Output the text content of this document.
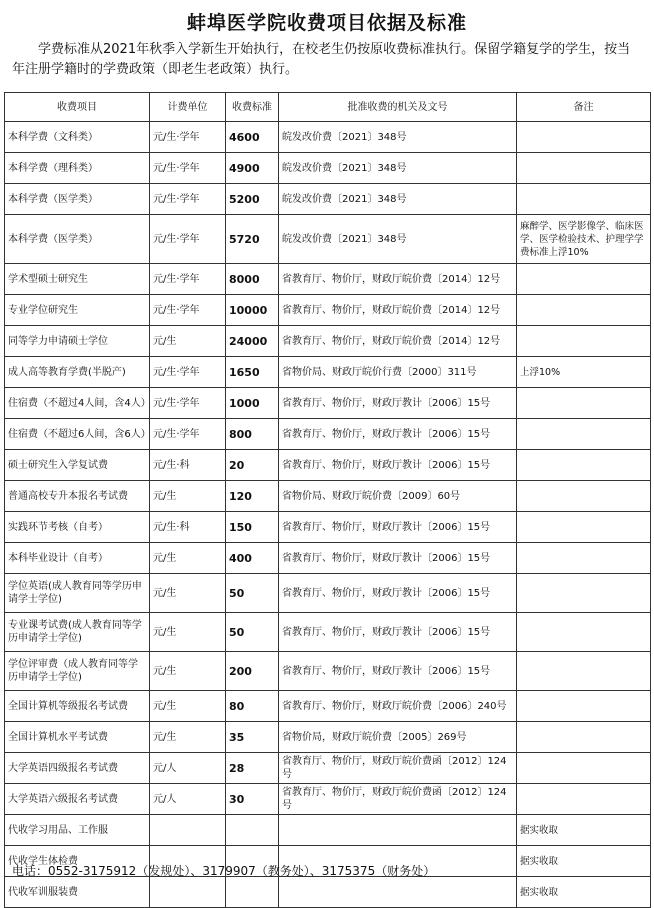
蚌埠医学院收费项目依据及标准
学费标准从2021年秋季入学新生开始执行，在校老生仍按原收费标准执行。保留学籍复学的学生，按当年注册学籍时的学费政策（即老生老政策）执行。
收费项目	计费单位	收费标准	批准收费的机关及文号	备注
本科学费（文科类）	元/生·学年	4600	皖发改价费〔2021〕348号	
本科学费（理科类）	元/生·学年	4900	皖发改价费〔2021〕348号	
本科学费（医学类）	元/生·学年	5200	皖发改价费〔2021〕348号	
本科学费（医学类）	元/生·学年	5720	皖发改价费〔2021〕348号	麻醉学、医学影像学、临床医学、医学检验技术、护理学学费标准上浮10%
学术型硕士研究生	元/生·学年	8000	省教育厅、物价厅，财政厅皖价费〔2014〕12号	
专业学位研究生	元/生·学年	10000	省教育厅、物价厅，财政厅皖价费〔2014〕12号	
同等学力申请硕士学位	元/生	24000	省教育厅、物价厅，财政厅皖价费〔2014〕12号	
成人高等教育学费(半脱产)	元/生·学年	1650	省物价局、财政厅皖价行费〔2000〕311号	上浮10%
住宿费（不超过4人间，含4人）	元/生·学年	1000	省教育厅、物价厅，财政厅教计〔2006〕15号	
住宿费（不超过6人间，含6人）	元/生·学年	800	省教育厅、物价厅，财政厅教计〔2006〕15号	
硕士研究生入学复试费	元/生·科	20	省教育厅、物价厅，财政厅教计〔2006〕15号	
普通高校专升本报名考试费	元/生	120	省物价局、财政厅皖价费〔2009〕60号	
实践环节考核（自考）	元/生·科	150	省教育厅、物价厅，财政厅教计〔2006〕15号	
本科毕业设计（自考）	元/生	400	省教育厅、物价厅，财政厅教计〔2006〕15号	
学位英语(成人教育同等学历申请学士学位)	元/生	50	省教育厅、物价厅，财政厅教计〔2006〕15号	
专业课考试费(成人教育同等学历申请学士学位)	元/生	50	省教育厅、物价厅，财政厅教计〔2006〕15号	
学位评审费（成人教育同等学历申请学士学位)	元/生	200	省教育厅、物价厅，财政厅教计〔2006〕15号	
全国计算机等级报名考试费	元/生	80	省教育厅、物价厅，财政厅皖价费〔2006〕240号	
全国计算机水平考试费	元/生	35	省物价局，财政厅皖价费〔2005〕269号	
大学英语四级报名考试费	元/人	28	省教育厅、物价厅，财政厅皖价费函〔2012〕124号	
大学英语六级报名考试费	元/人	30	省教育厅、物价厅，财政厅皖价费函〔2012〕124号	
代收学习用品、工作服				据实收取
代收学生体检费				据实收取
代收军训服装费				据实收取
电话：0552-3175912（发规处）、3179907（教务处）、3175375（财务处）
